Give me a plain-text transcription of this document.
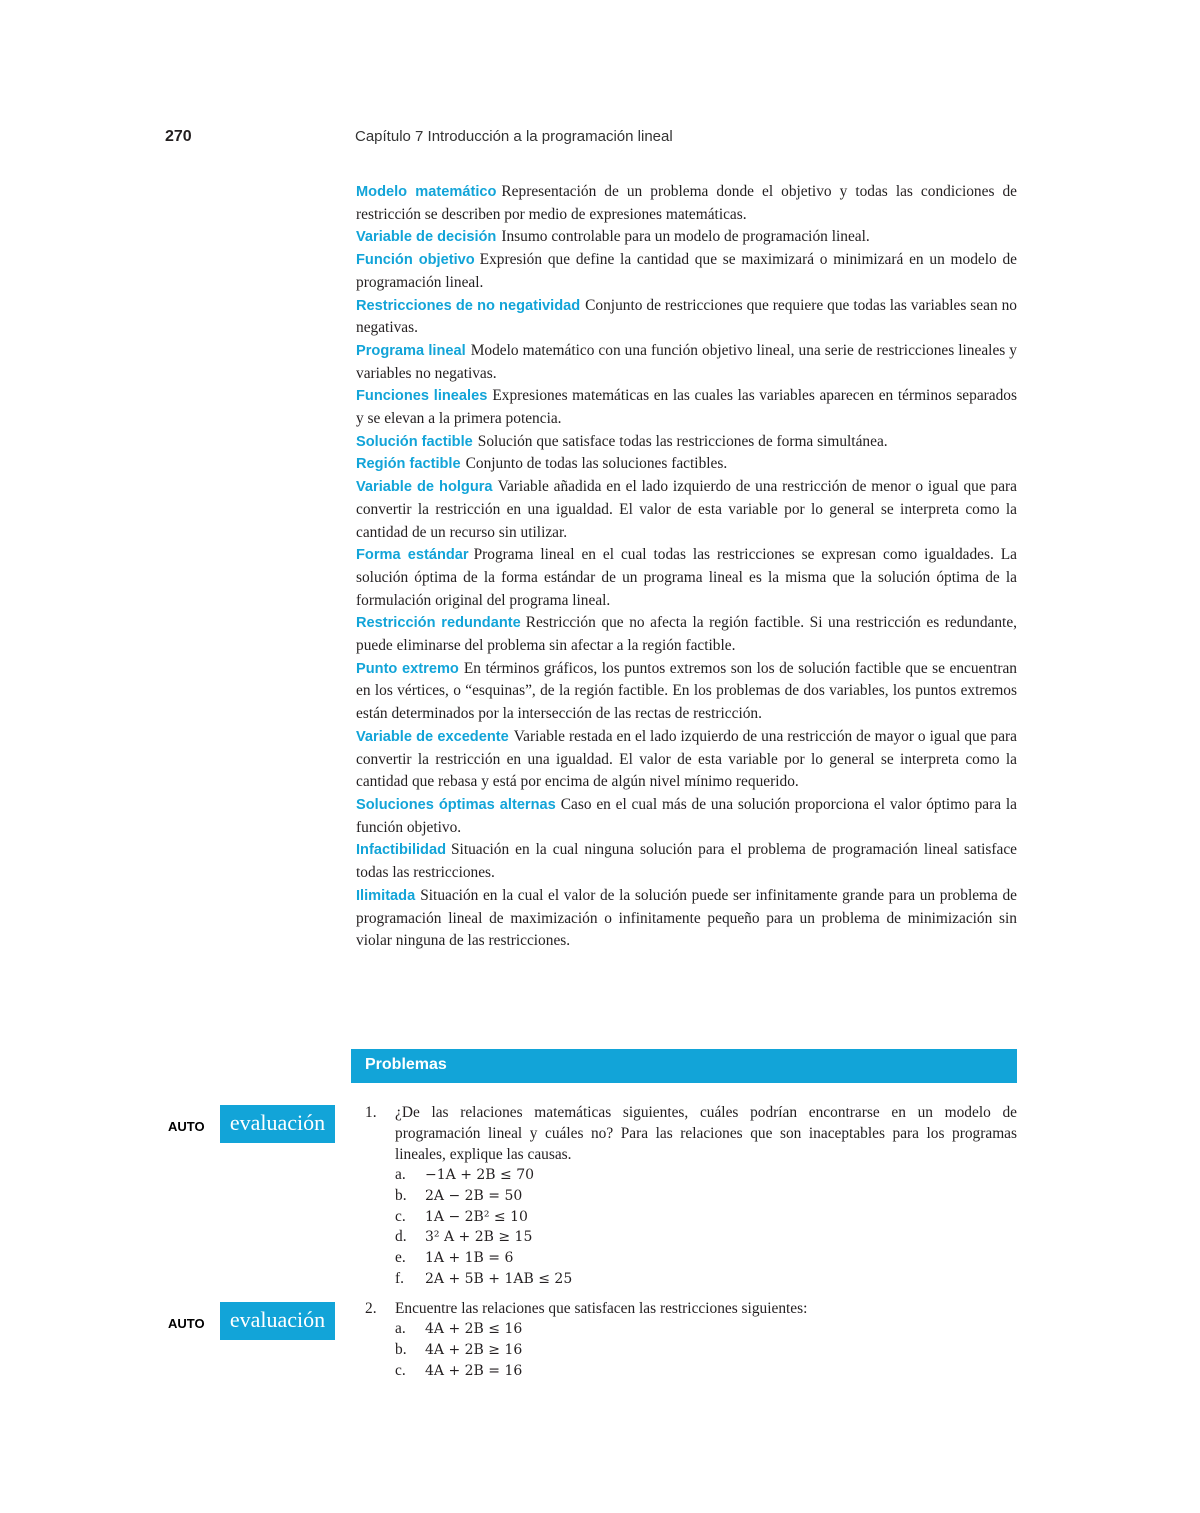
270	Capítulo 7 Introducción a la programación lineal

Modelo matemático Representación de un problema donde el objetivo y todas las condiciones de restricción se describen por medio de expresiones matemáticas.

Variable de decisión Insumo controlable para un modelo de programación lineal.

Función objetivo Expresión que define la cantidad que se maximizará o minimizará en un modelo de programación lineal.

Restricciones de no negatividad Conjunto de restricciones que requiere que todas las variables sean no negativas.

Programa lineal Modelo matemático con una función objetivo lineal, una serie de restricciones lineales y variables no negativas.

Funciones lineales Expresiones matemáticas en las cuales las variables aparecen en términos separados y se elevan a la primera potencia.

Solución factible Solución que satisface todas las restricciones de forma simultánea.

Región factible Conjunto de todas las soluciones factibles.

Variable de holgura Variable añadida en el lado izquierdo de una restricción de menor o igual que para convertir la restricción en una igualdad. El valor de esta variable por lo general se interpreta como la cantidad de un recurso sin utilizar.

Forma estándar Programa lineal en el cual todas las restricciones se expresan como igualdades. La solución óptima de la forma estándar de un programa lineal es la misma que la solución óptima de la formulación original del programa lineal.

Restricción redundante Restricción que no afecta la región factible. Si una restricción es redundante, puede eliminarse del problema sin afectar a la región factible.

Punto extremo En términos gráficos, los puntos extremos son los de solución factible que se encuentran en los vértices, o “esquinas”, de la región factible. En los problemas de dos variables, los puntos extremos están determinados por la intersección de las rectas de restricción.

Variable de excedente Variable restada en el lado izquierdo de una restricción de mayor o igual que para convertir la restricción en una igualdad. El valor de esta variable por lo general se interpreta como la cantidad que rebasa y está por encima de algún nivel mínimo requerido.

Soluciones óptimas alternas Caso en el cual más de una solución proporciona el valor óptimo para la función objetivo.

Infactibilidad Situación en la cual ninguna solución para el problema de programación lineal satisface todas las restricciones.

Ilimitada Situación en la cual el valor de la solución puede ser infinitamente grande para un problema de programación lineal de maximización o infinitamente pequeño para un problema de minimización sin violar ninguna de las restricciones.

Problemas
AUTO	evaluación	1. ¿De las relaciones matemáticas siguientes, cuáles podrían encontrarse en un modelo de programación lineal y cuáles no? Para las relaciones que son inaceptables para los programas lineales, explique las causas.
a.	−1A + 2B ≤ 70
b.	2A − 2B = 50
c.	1A − 2B² ≤ 10
d.	3² A + 2B ≥ 15
e.	1A + 1B = 6
f.	2A + 5B + 1AB ≤ 25
AUTO	evaluación	2. Encuentre las relaciones que satisfacen las restricciones siguientes:
a.	4A + 2B ≤ 16
b.	4A + 2B ≥ 16
c.	4A + 2B = 16
